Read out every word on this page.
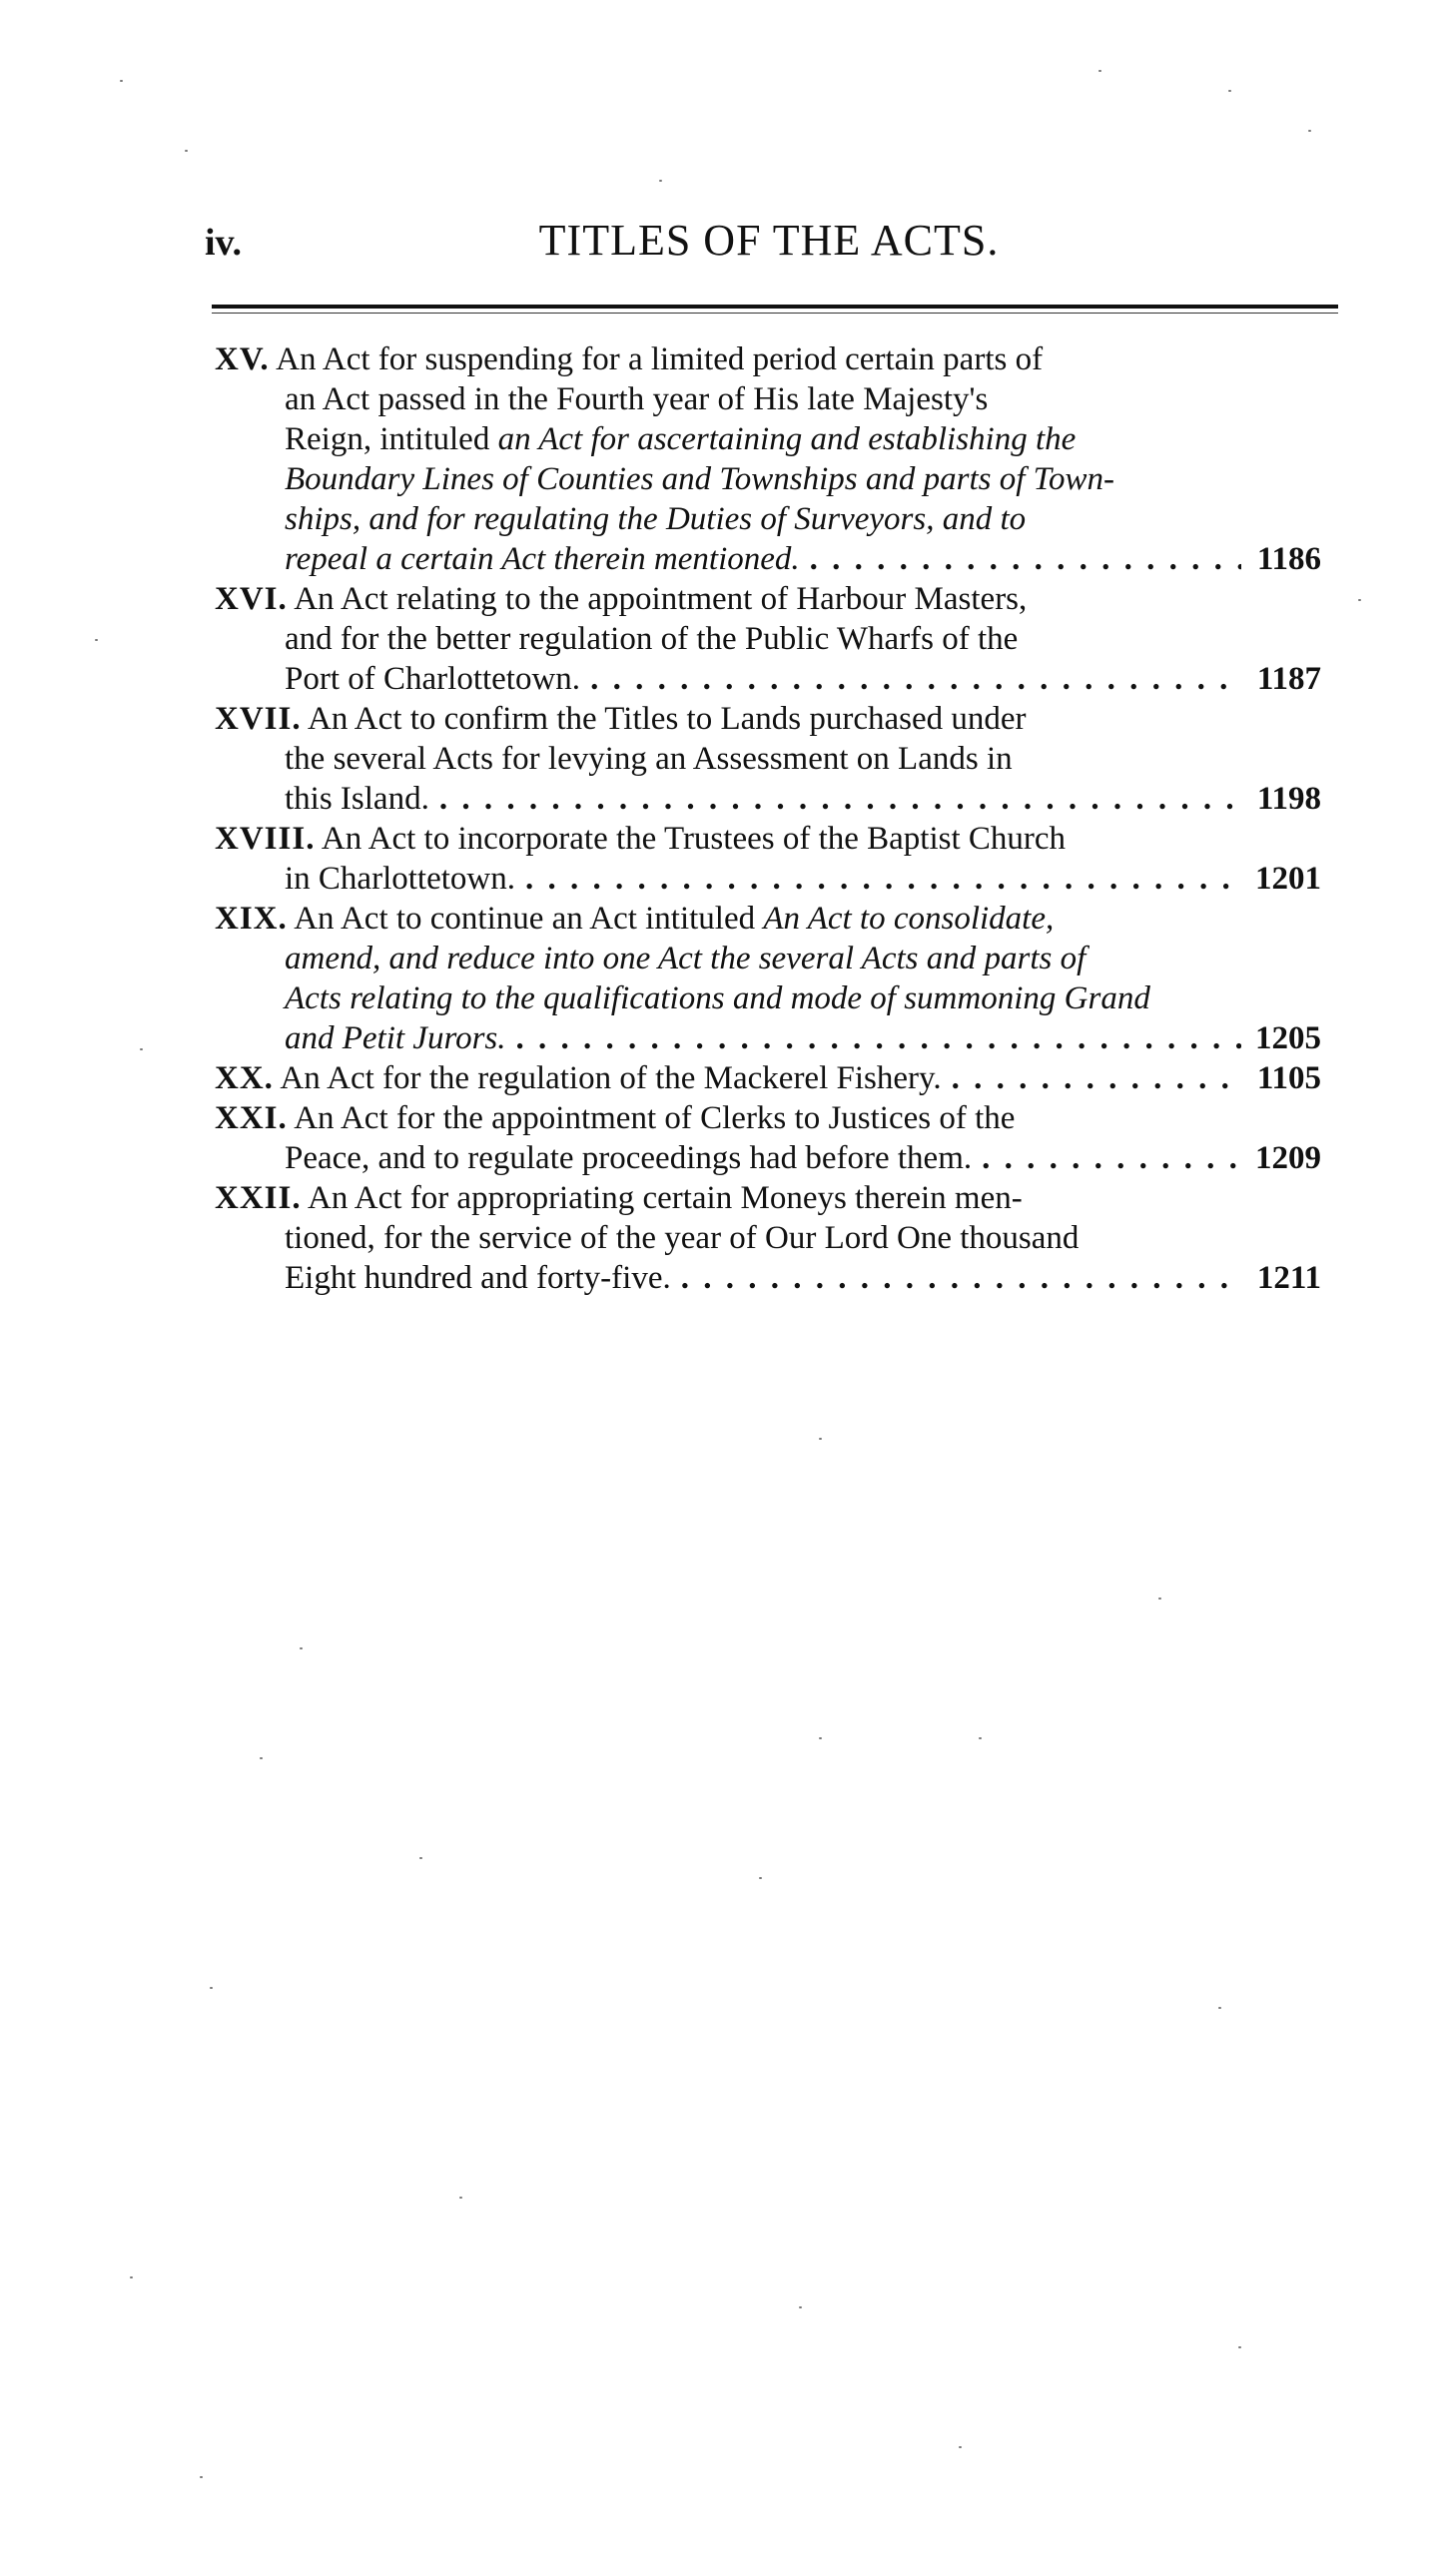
iv.	TITLES OF THE ACTS.
XV. An Act for suspending for a limited period certain parts of
an Act passed in the Fourth year of His late Majesty's
Reign, intituled an Act for ascertaining and establishing the
Boundary Lines of Counties and Townships and parts of Town-
ships, and for regulating the Duties of Surveyors, and to
repeal a certain Act therein mentioned. . . .	1186
XVI. An Act relating to the appointment of Harbour Masters,
and for the better regulation of the Public Wharfs of the
Port of Charlottetown. . . .	1187
XVII. An Act to confirm the Titles to Lands purchased under
the several Acts for levying an Assessment on Lands in
this Island. . . .	1198
XVIII. An Act to incorporate the Trustees of the Baptist Church
in Charlottetown. . . .	1201
XIX. An Act to continue an Act intituled An Act to consolidate,
amend, and reduce into one Act the several Acts and parts of
Acts relating to the qualifications and mode of summoning Grand
and Petit Jurors. . . .	1205
XX. An Act for the regulation of the Mackerel Fishery. . . .	1105
XXI. An Act for the appointment of Clerks to Justices of the
Peace, and to regulate proceedings had before them. . . .	1209
XXII. An Act for appropriating certain Moneys therein men-
tioned, for the service of the year of Our Lord One thousand
Eight hundred and forty-five. . . .	1211
